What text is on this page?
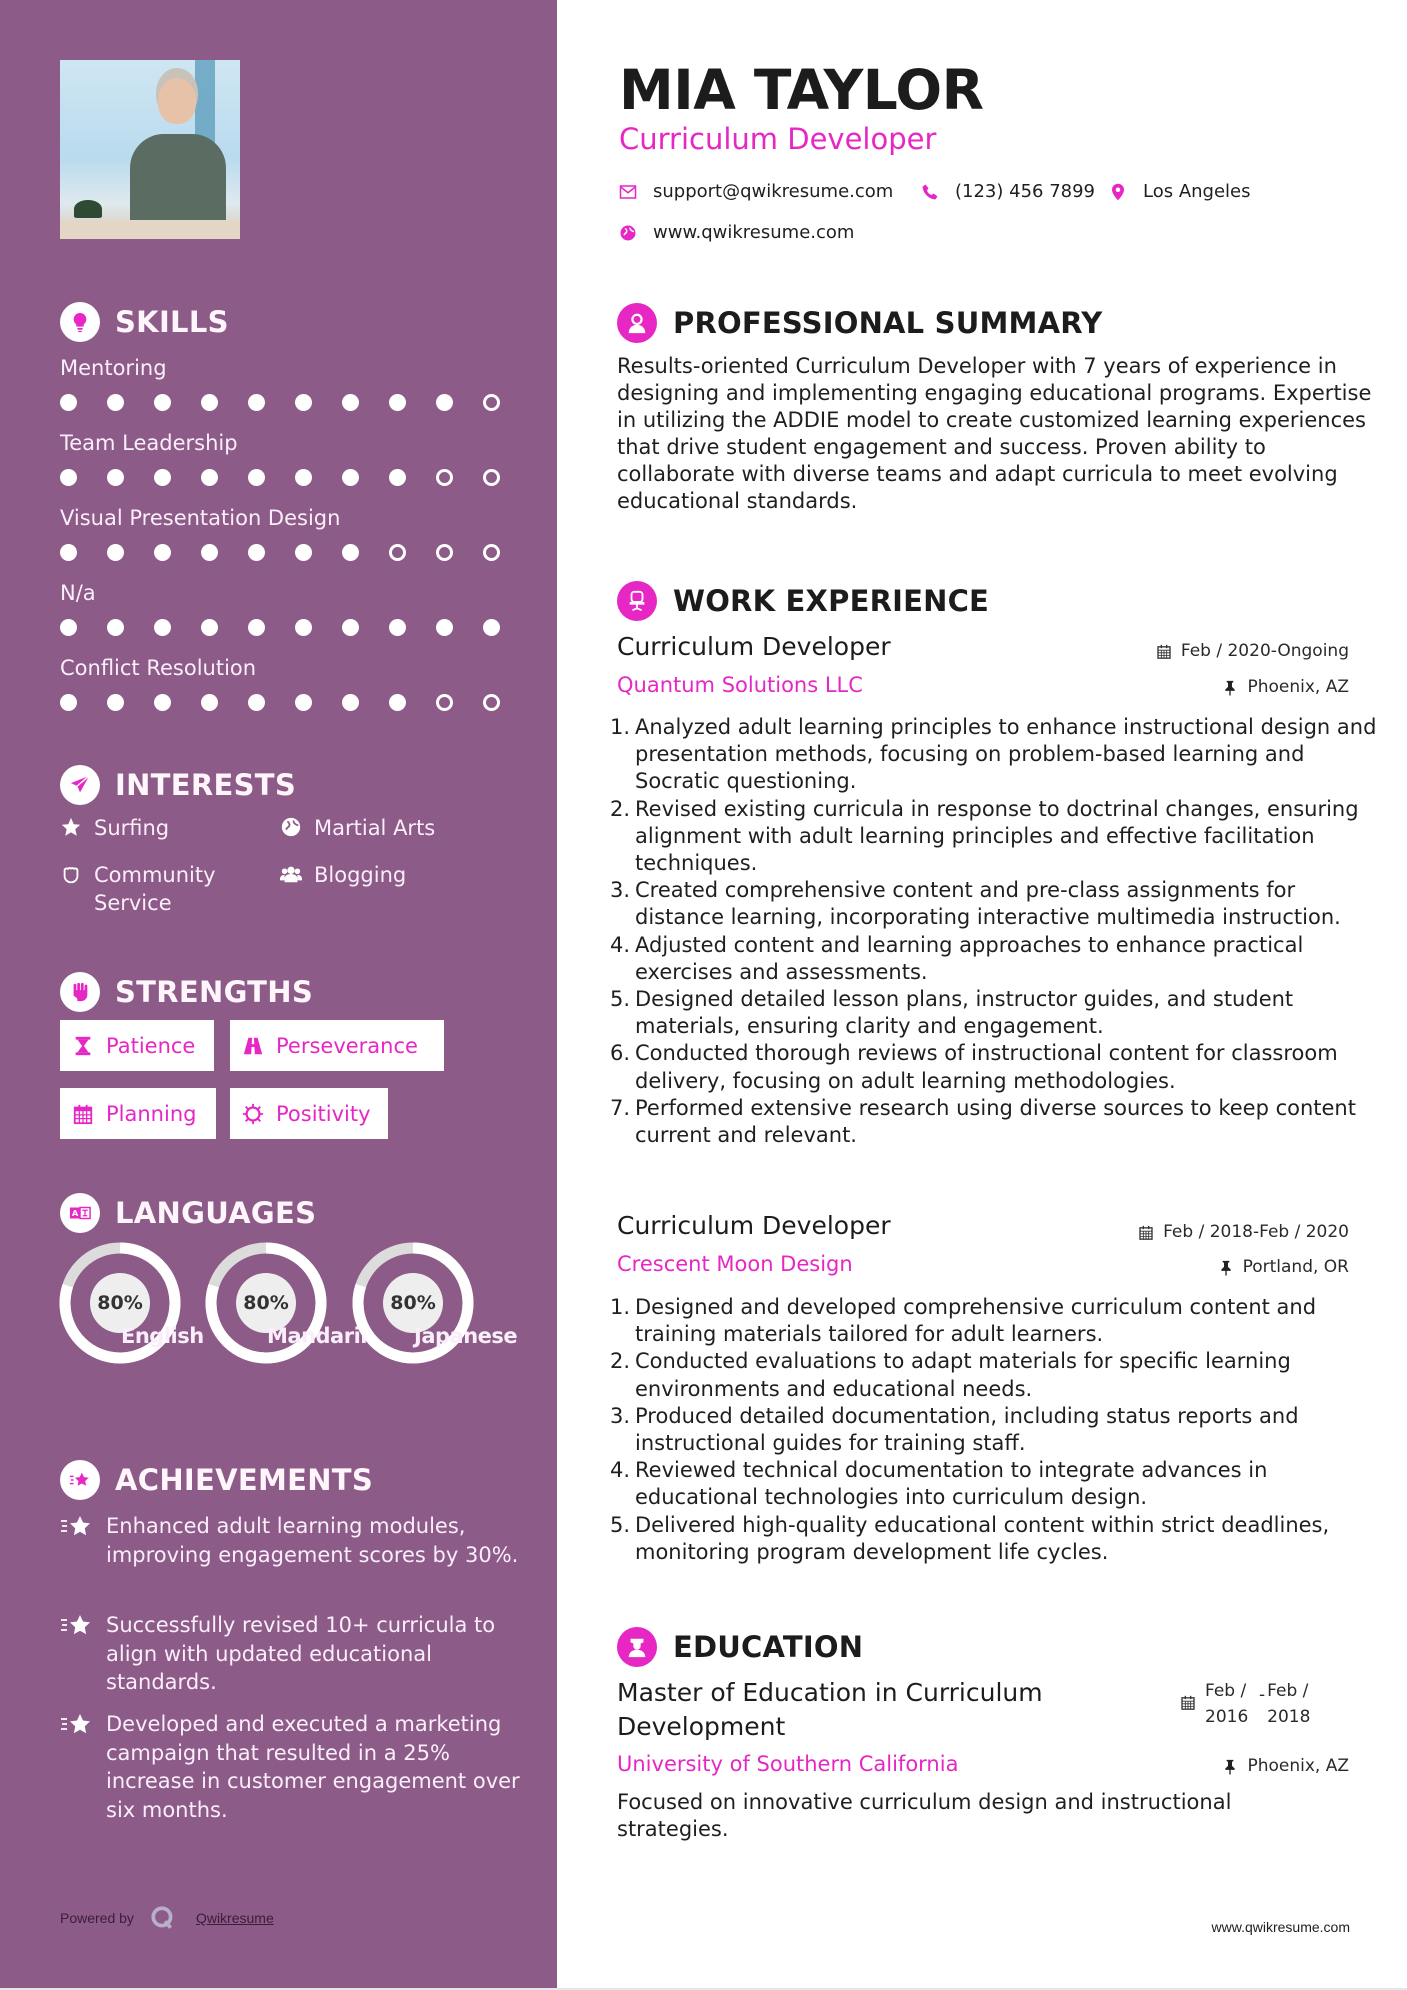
SKILLS
Mentoring
Team Leadership
Visual Presentation Design
N/a
Conflict Resolution
INTERESTS
Surfing	Martial Arts
Community Service
Blogging
STRENGTHS
Patience	Perseverance
Planning	Positivity
A LANGUAGES
80%
English
80%
Mandarin
80%
Japanese
ACHIEVEMENTS
Enhanced adult learning modules, improving engagement scores by 30%.
Successfully revised 10+ curricula to align with updated educational standards.
Developed and executed a marketing campaign that resulted in a 25% increase in customer engagement over six months.
Powered by	Qwikresume
MIA TAYLOR
Curriculum Developer
support@qwikresume.com	(123) 456 7899	Los Angeles
www.qwikresume.com
PROFESSIONAL SUMMARY

Results-oriented Curriculum Developer with 7 years of experience in designing and implementing engaging educational programs. Expertise in utilizing the ADDIE model to create customized learning experiences that drive student engagement and success. Proven ability to collaborate with diverse teams and adapt curricula to meet evolving educational standards.

WORK EXPERIENCE
Curriculum Developer	Feb / 2020-Ongoing
Quantum Solutions LLC	Phoenix, AZ
Analyzed adult learning principles to enhance instructional design and presentation methods, focusing on problem-based learning and Socratic questioning.
Revised existing curricula in response to doctrinal changes, ensuring alignment with adult learning principles and effective facilitation techniques.
Created comprehensive content and pre-class assignments for distance learning, incorporating interactive multimedia instruction.
Adjusted content and learning approaches to enhance practical exercises and assessments.
Designed detailed lesson plans, instructor guides, and student materials, ensuring clarity and engagement.
Conducted thorough reviews of instructional content for classroom delivery, focusing on adult learning methodologies.
Performed extensive research using diverse sources to keep content current and relevant.
Curriculum Developer	Feb / 2018-Feb / 2020
Crescent Moon Design	Portland, OR
Designed and developed comprehensive curriculum content and training materials tailored for adult learners.
Conducted evaluations to adapt materials for specific learning environments and educational needs.
Produced detailed documentation, including status reports and instructional guides for training staff.
Reviewed technical documentation to integrate advances in educational technologies into curriculum design.
Delivered high-quality educational content within strict deadlines, monitoring program development life cycles.
EDUCATION
Master of Education in Curriculum Development
Feb /
2016
- Feb /
2018
University of Southern California	Phoenix, AZ

Focused on innovative curriculum design and instructional strategies.

www.qwikresume.com
